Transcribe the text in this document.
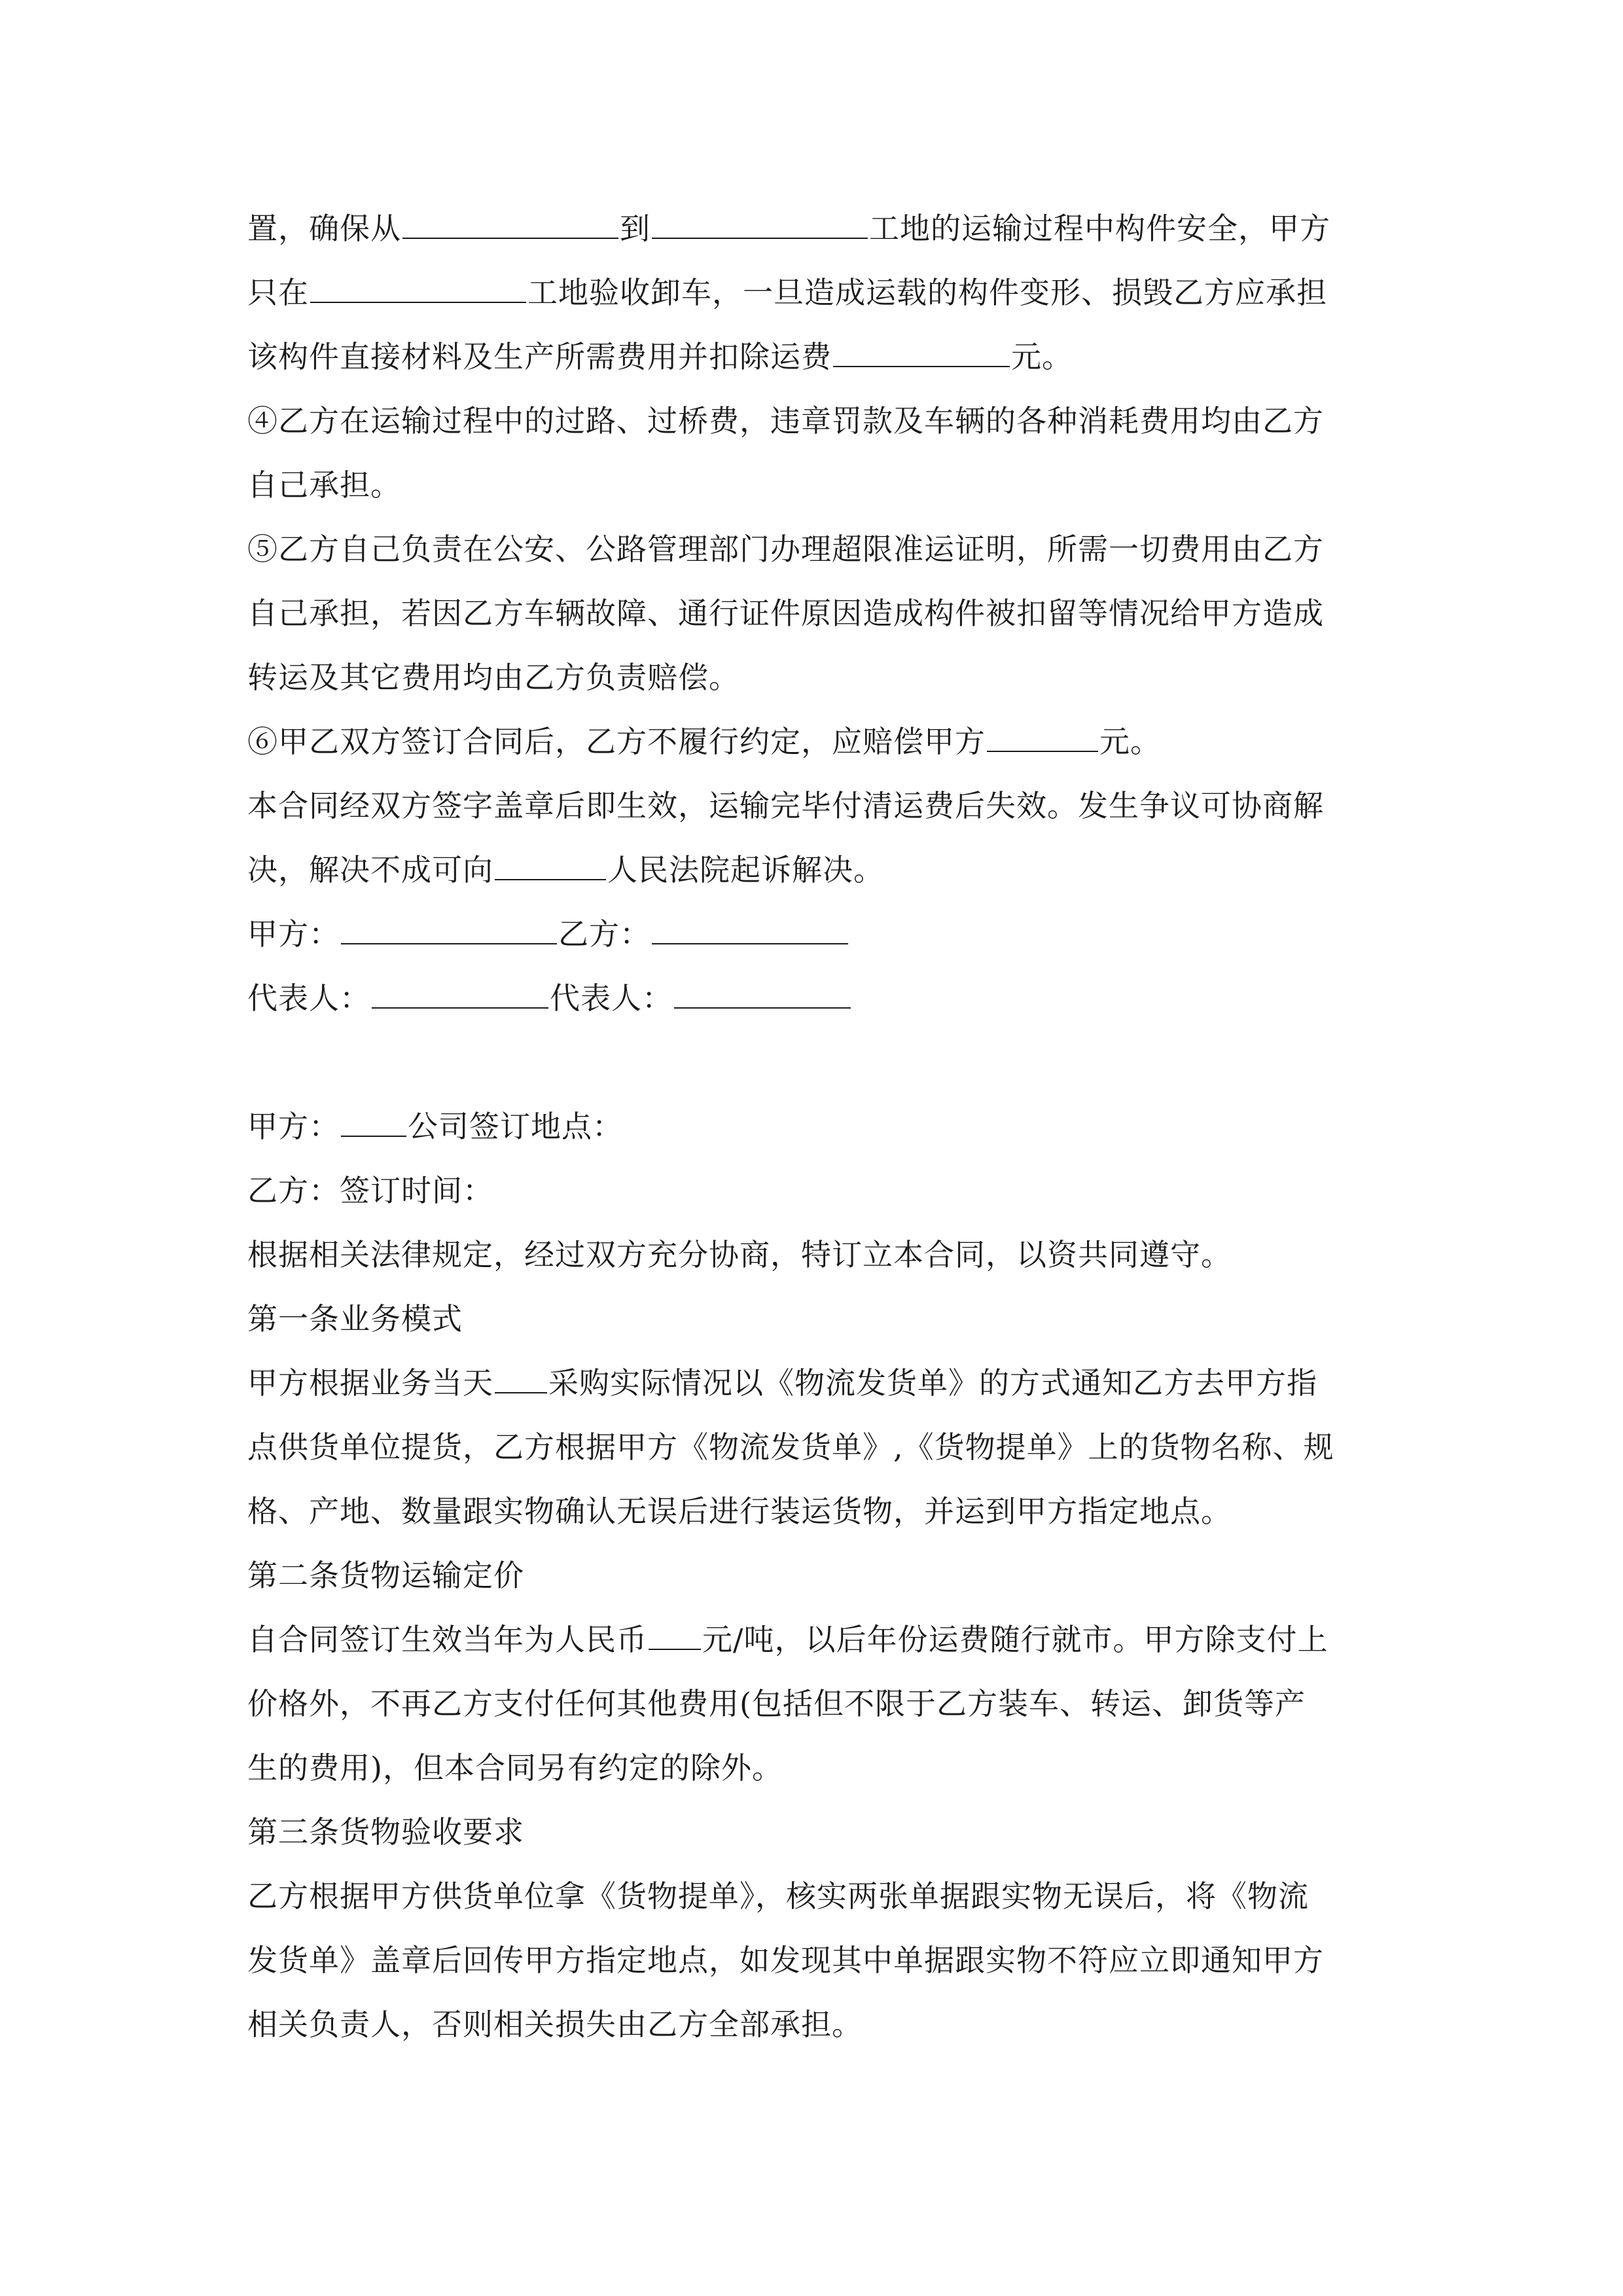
置，确保从	到	工地的运输过程中构件安全，甲方
只在	工地验收卸车，一旦造成运载的构件变形、损毁乙方应承担
该构件直接材料及生产所需费用并扣除运费	元。
④乙方在运输过程中的过路、过桥费，违章罚款及车辆的各种消耗费用均由乙方
自己承担。
⑤乙方自己负责在公安、公路管理部门办理超限准运证明，所需一切费用由乙方
自己承担，若因乙方车辆故障、通行证件原因造成构件被扣留等情况给甲方造成
转运及其它费用均由乙方负责赔偿。
⑥甲乙双方签订合同后，乙方不履行约定，应赔偿甲方	元。
本合同经双方签字盖章后即生效，运输完毕付清运费后失效。发生争议可协商解
决，解决不成可向	人民法院起诉解决。
甲方：	乙方：
代表人：	代表人：
甲方： 公司签订地点：
乙方：签订时间：
根据相关法律规定，经过双方充分协商，特订立本合同，以资共同遵守。
第一条业务模式
甲方根据业务当天 采购实际情况以《物流发货单》的方式通知乙方去甲方指
点供货单位提货，乙方根据甲方《物流发货单》,《货物提单》上的货物名称、规
格、产地、数量跟实物确认无误后进行装运货物，并运到甲方指定地点。
第二条货物运输定价
自合同签订生效当年为人民币 元/吨，以后年份运费随行就市。甲方除支付上
价格外，不再乙方支付任何其他费用(包括但不限于乙方装车、转运、卸货等产
生的费用)，但本合同另有约定的除外。
第三条货物验收要求
乙方根据甲方供货单位拿《货物提单》，核实两张单据跟实物无误后，将《物流
发货单》盖章后回传甲方指定地点，如发现其中单据跟实物不符应立即通知甲方
相关负责人，否则相关损失由乙方全部承担。
